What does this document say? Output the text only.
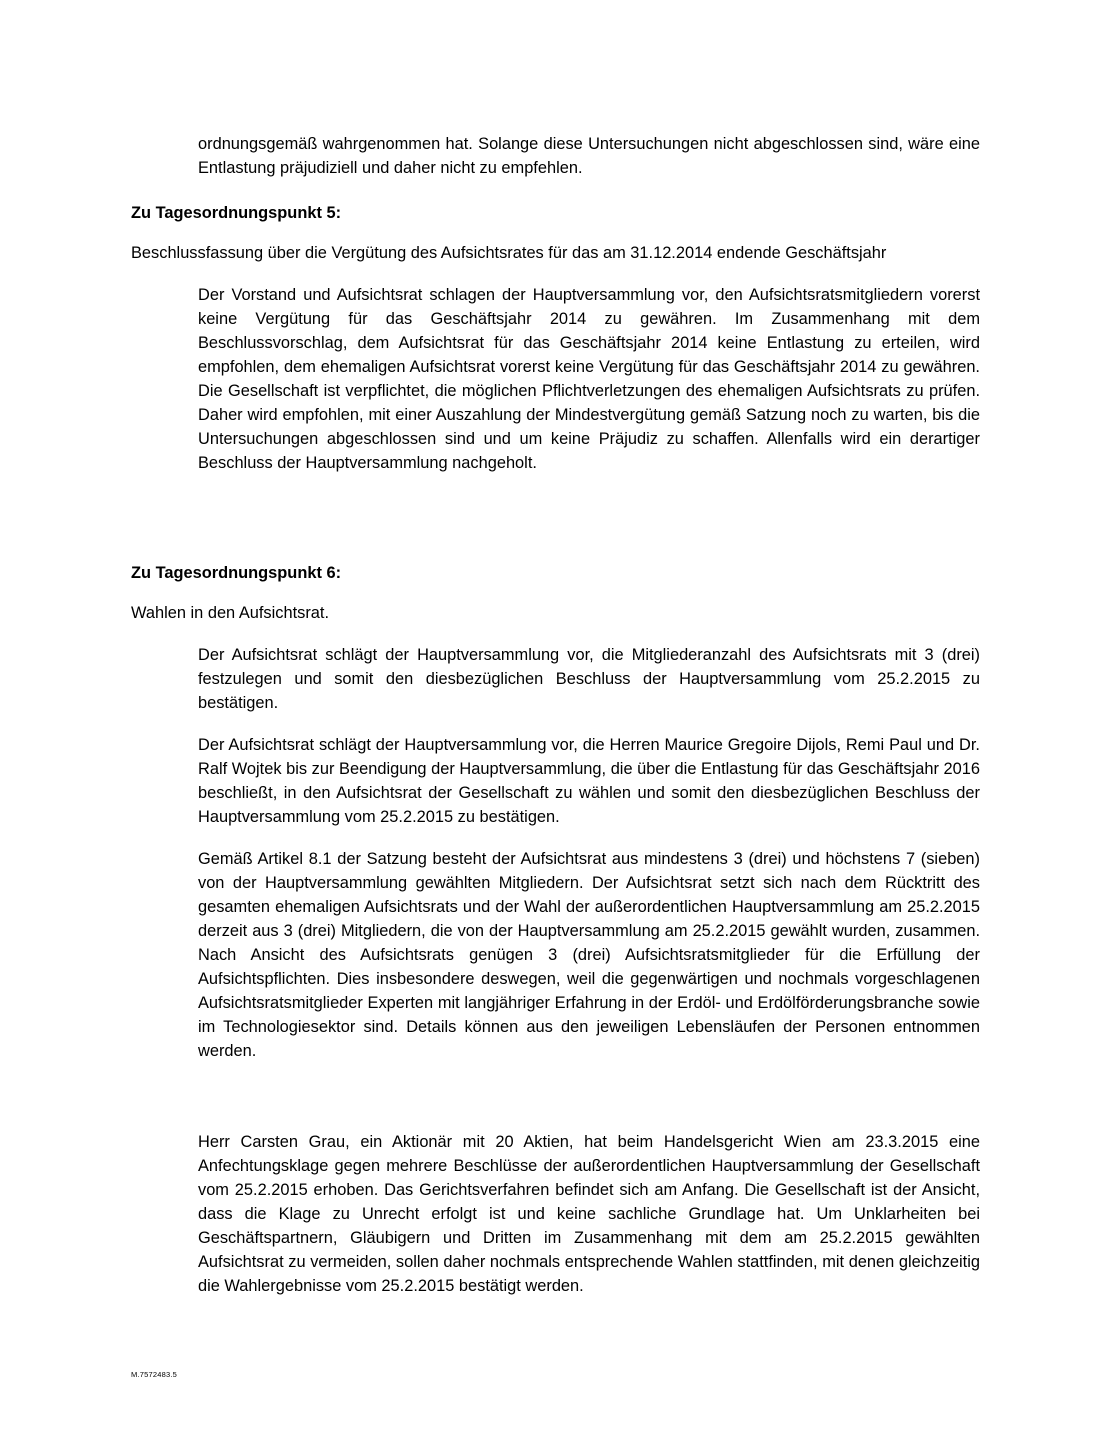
ordnungsgemäß wahrgenommen hat. Solange diese Untersuchungen nicht abgeschlossen sind, wäre eine Entlastung präjudiziell und daher nicht zu empfehlen.

Zu Tagesordnungspunkt 5:

Beschlussfassung über die Vergütung des Aufsichtsrates für das am 31.12.2014 endende Geschäftsjahr

Der Vorstand und Aufsichtsrat schlagen der Hauptversammlung vor, den Aufsichtsratsmitgliedern vorerst keine Vergütung für das Geschäftsjahr 2014 zu gewähren. Im Zusammenhang mit dem Beschlussvorschlag, dem Aufsichtsrat für das Geschäftsjahr 2014 keine Entlastung zu erteilen, wird empfohlen, dem ehemaligen Aufsichtsrat vorerst keine Vergütung für das Geschäftsjahr 2014 zu gewähren. Die Gesellschaft ist verpflichtet, die möglichen Pflichtverletzungen des ehemaligen Aufsichtsrats zu prüfen. Daher wird empfohlen, mit einer Auszahlung der Mindestvergütung gemäß Satzung noch zu warten, bis die Untersuchungen abgeschlossen sind und um keine Präjudiz zu schaffen. Allenfalls wird ein derartiger Beschluss der Hauptversammlung nachgeholt.

Zu Tagesordnungspunkt 6:

Wahlen in den Aufsichtsrat.

Der Aufsichtsrat schlägt der Hauptversammlung vor, die Mitgliederanzahl des Aufsichtsrats mit 3 (drei) festzulegen und somit den diesbezüglichen Beschluss der Hauptversammlung vom 25.2.2015 zu bestätigen.

Der Aufsichtsrat schlägt der Hauptversammlung vor, die Herren Maurice Gregoire Dijols, Remi Paul und Dr. Ralf Wojtek bis zur Beendigung der Hauptversammlung, die über die Entlastung für das Geschäftsjahr 2016 beschließt, in den Aufsichtsrat der Gesellschaft zu wählen und somit den diesbezüglichen Beschluss der Hauptversammlung vom 25.2.2015 zu bestätigen.

Gemäß Artikel 8.1 der Satzung besteht der Aufsichtsrat aus mindestens 3 (drei) und höchstens 7 (sieben) von der Hauptversammlung gewählten Mitgliedern. Der Aufsichtsrat setzt sich nach dem Rücktritt des gesamten ehemaligen Aufsichtsrats und der Wahl der außerordentlichen Hauptversammlung am 25.2.2015 derzeit aus 3 (drei) Mitgliedern, die von der Hauptversammlung am 25.2.2015 gewählt wurden, zusammen. Nach Ansicht des Aufsichtsrats genügen 3 (drei) Aufsichtsratsmitglieder für die Erfüllung der Aufsichtspflichten. Dies insbesondere deswegen, weil die gegenwärtigen und nochmals vorgeschlagenen Aufsichtsratsmitglieder Experten mit langjähriger Erfahrung in der Erdöl- und Erdölförderungsbranche sowie im Technologiesektor sind. Details können aus den jeweiligen Lebensläufen der Personen entnommen werden.

Herr Carsten Grau, ein Aktionär mit 20 Aktien, hat beim Handelsgericht Wien am 23.3.2015 eine Anfechtungsklage gegen mehrere Beschlüsse der außerordentlichen Hauptversammlung der Gesellschaft vom 25.2.2015 erhoben. Das Gerichtsverfahren befindet sich am Anfang. Die Gesellschaft ist der Ansicht, dass die Klage zu Unrecht erfolgt ist und keine sachliche Grundlage hat. Um Unklarheiten bei Geschäftspartnern, Gläubigern und Dritten im Zusammenhang mit dem am 25.2.2015 gewählten Aufsichtsrat zu vermeiden, sollen daher nochmals entsprechende Wahlen stattfinden, mit denen gleichzeitig die Wahlergebnisse vom 25.2.2015 bestätigt werden.

M.7572483.5
